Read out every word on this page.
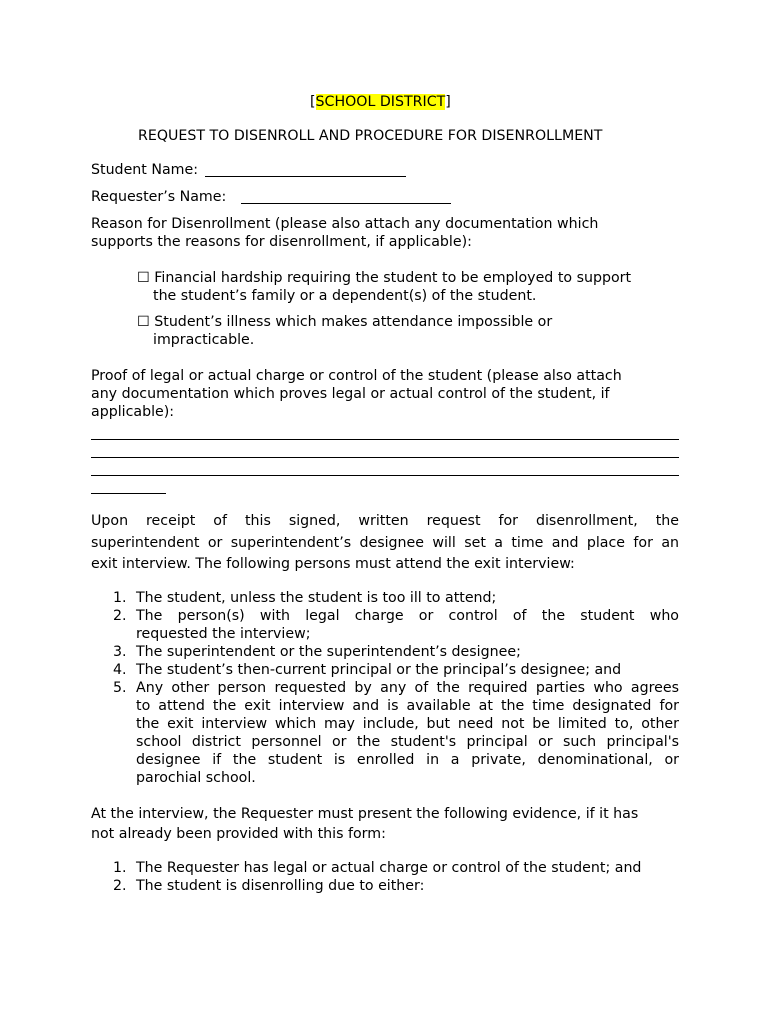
[SCHOOL DISTRICT]
REQUEST TO DISENROLL AND PROCEDURE FOR DISENROLLMENT
Student Name:
Requester’s Name:
Reason for Disenrollment (please also attach any documentation which
supports the reasons for disenrollment, if applicable):
☐ Financial hardship requiring the student to be employed to support
the student’s family or a dependent(s) of the student.
☐ Student’s illness which makes attendance impossible or
impracticable.
Proof of legal or actual charge or control of the student (please also attach
any documentation which proves legal or actual control of the student, if
applicable):
Upon receipt of this signed, written request for disenrollment, the
superintendent or superintendent’s designee will set a time and place for an
exit interview. The following persons must attend the exit interview:
1. The student, unless the student is too ill to attend;
2. The person(s) with legal charge or control of the student who
requested the interview;
3. The superintendent or the superintendent’s designee;
4. The student’s then-current principal or the principal’s designee; and
5. Any other person requested by any of the required parties who agrees
to attend the exit interview and is available at the time designated for
the exit interview which may include, but need not be limited to, other
school district personnel or the student's principal or such principal's
designee if the student is enrolled in a private, denominational, or
parochial school.
At the interview, the Requester must present the following evidence, if it has
not already been provided with this form:
1. The Requester has legal or actual charge or control of the student; and
2. The student is disenrolling due to either:
